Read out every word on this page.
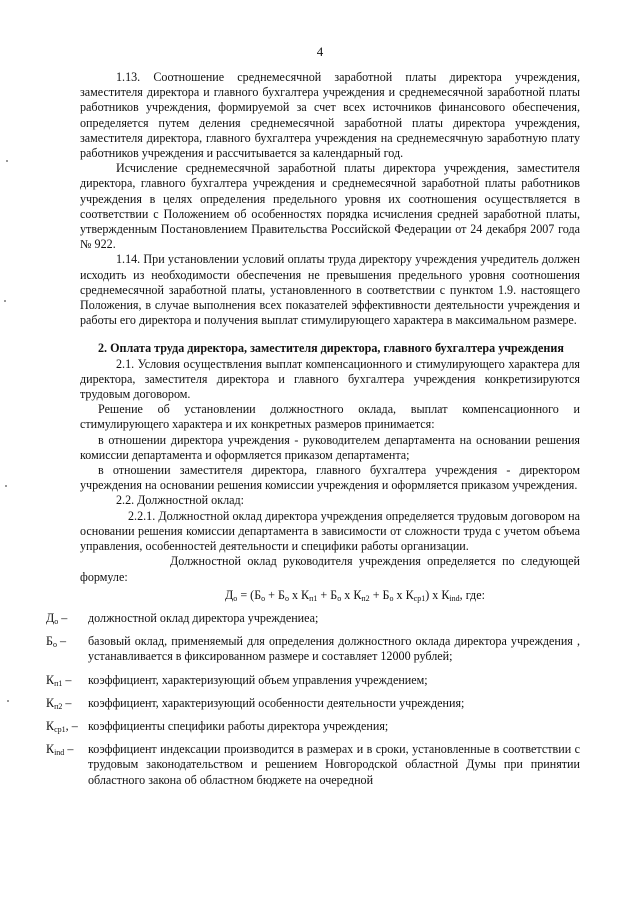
4

1.13. Соотношение среднемесячной заработной платы директора учреждения, заместителя директора и главного бухгалтера учреждения и среднемесячной заработной платы работников учреждения, формируемой за счет всех источников финансового обеспечения, определяется путем деления среднемесячной заработной платы директора учреждения, заместителя директора, главного бухгалтера учреждения на среднемесячную заработную плату работников учреждения и рассчитывается за календарный год.

Исчисление среднемесячной заработной платы директора учреждения, заместителя директора, главного бухгалтера учреждения и среднемесячной заработной платы работников учреждения в целях определения предельного уровня их соотношения осуществляется в соответствии с Положением об особенностях порядка исчисления средней заработной платы, утвержденным Постановлением Правительства Российской Федерации от 24 декабря 2007 года № 922.

1.14. При установлении условий оплаты труда директору учреждения учредитель должен исходить из необходимости обеспечения не превышения предельного уровня соотношения среднемесячной заработной платы, установленного в соответствии с пунктом 1.9. настоящего Положения, в случае выполнения всех показателей эффективности деятельности учреждения и работы его директора и получения выплат стимулирующего характера в максимальном размере.

2. Оплата труда директора, заместителя директора, главного бухгалтера учреждения

2.1. Условия осуществления выплат компенсационного и стимулирующего характера для директора, заместителя директора и главного бухгалтера учреждения конкретизируются трудовым договором.

Решение об установлении должностного оклада, выплат компенсационного и стимулирующего характера и их конкретных размеров принимается:

в отношении директора учреждения - руководителем департамента на основании решения комиссии департамента и оформляется приказом департамента;

в отношении заместителя директора, главного бухгалтера учреждения - директором учреждения на основании решения комиссии учреждения и оформляется приказом учреждения.

2.2. Должностной оклад:

2.2.1. Должностной оклад директора учреждения определяется трудовым договором на основании решения комиссии департамента в зависимости от сложности труда с учетом объема управления, особенностей деятельности и специфики работы организации.

Должностной оклад руководителя учреждения определяется по следующей формуле:

$Д_о = (Б_о + Б_о$ x $К_{п1} + Б_о$ x $К_{п2} + Б_о$ x $К_{ср1}$) x $К_{ind}$, где:

$Д_о$ –	должностной оклад директора учреждениеа;
$Б_о$ –	базовый оклад, применяемый для определения должностного оклада директора учреждения , устанавливается в фиксированном размере и составляет 12000 рублей;
$К_{п1}$ –	коэффициент, характеризующий объем управления учреждением;
$К_{п2}$ –	коэффициент, характеризующий особенности деятельности учреждения;
$К_{ср1}$, – коэффициенты специфики работы директора учреждения;
$К_{ind}$ –	коэффициент индексации производится в размерах и в сроки, установленные в соответствии с трудовым законодательством и решением Новгородской областной Думы при принятии областного закона об областном бюджете на очередной
